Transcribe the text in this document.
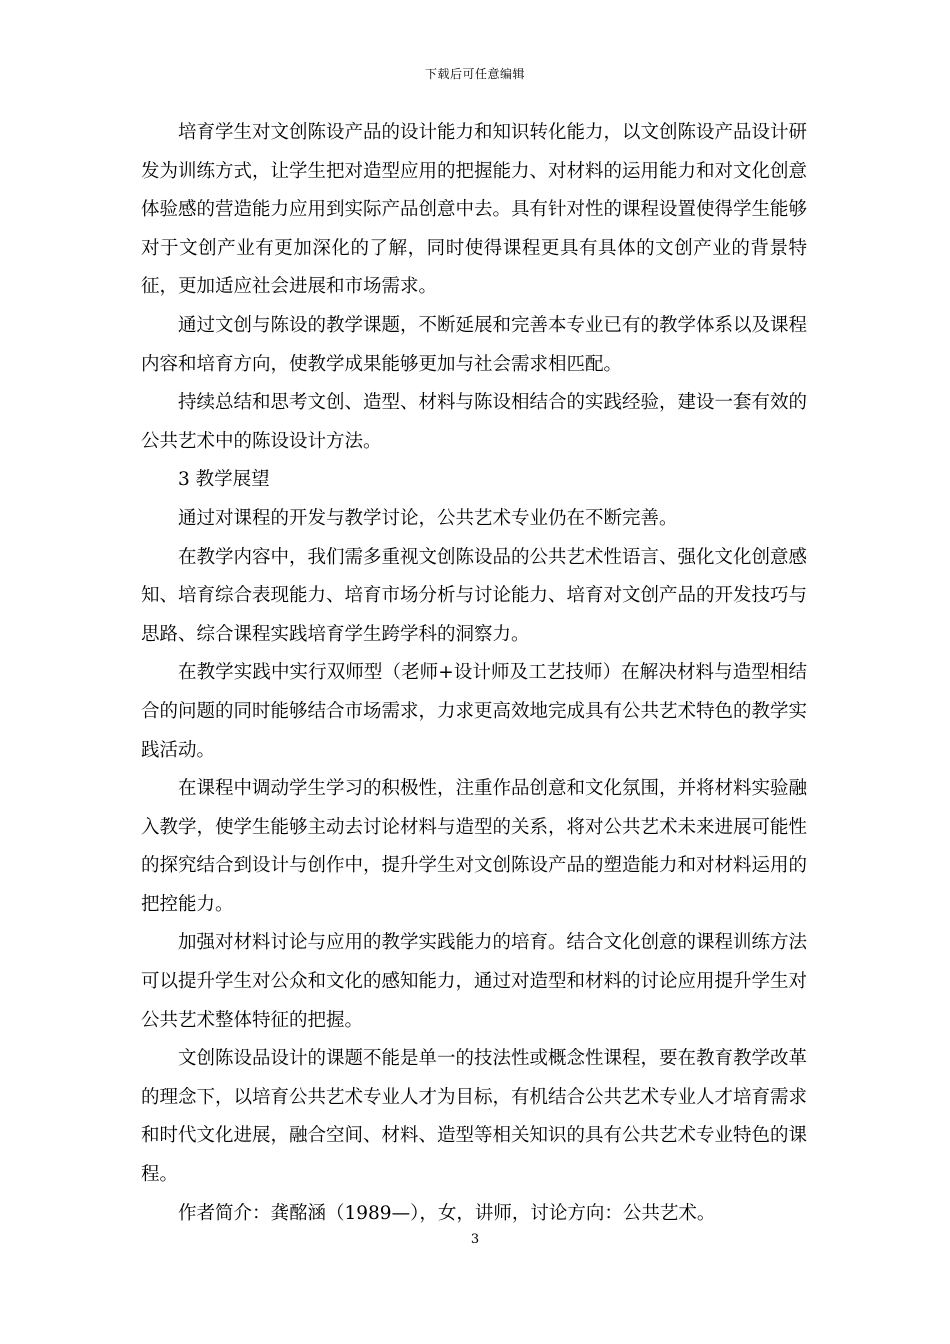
下载后可任意编辑

培育学生对文创陈设产品的设计能力和知识转化能力，以文创陈设产品设计研发为训练方式，让学生把对造型应用的把握能力、对材料的运用能力和对文化创意体验感的营造能力应用到实际产品创意中去。具有针对性的课程设置使得学生能够对于文创产业有更加深化的了解，同时使得课程更具有具体的文创产业的背景特征，更加适应社会进展和市场需求。

通过文创与陈设的教学课题，不断延展和完善本专业已有的教学体系以及课程内容和培育方向，使教学成果能够更加与社会需求相匹配。

持续总结和思考文创、造型、材料与陈设相结合的实践经验，建设一套有效的公共艺术中的陈设设计方法。

3 教学展望

通过对课程的开发与教学讨论，公共艺术专业仍在不断完善。

在教学内容中，我们需多重视文创陈设品的公共艺术性语言、强化文化创意感知、培育综合表现能力、培育市场分析与讨论能力、培育对文创产品的开发技巧与思路、综合课程实践培育学生跨学科的洞察力。

在教学实践中实行双师型（老师+设计师及工艺技师）在解决材料与造型相结合的问题的同时能够结合市场需求，力求更高效地完成具有公共艺术特色的教学实践活动。

在课程中调动学生学习的积极性，注重作品创意和文化氛围，并将材料实验融入教学，使学生能够主动去讨论材料与造型的关系，将对公共艺术未来进展可能性的探究结合到设计与创作中，提升学生对文创陈设产品的塑造能力和对材料运用的把控能力。

加强对材料讨论与应用的教学实践能力的培育。结合文化创意的课程训练方法可以提升学生对公众和文化的感知能力，通过对造型和材料的讨论应用提升学生对公共艺术整体特征的把握。

文创陈设品设计的课题不能是单一的技法性或概念性课程，要在教育教学改革的理念下，以培育公共艺术专业人才为目标，有机结合公共艺术专业人才培育需求和时代文化进展，融合空间、材料、造型等相关知识的具有公共艺术专业特色的课程。

作者简介：龚酩涵（1989—），女，讲师，讨论方向：公共艺术。

3
